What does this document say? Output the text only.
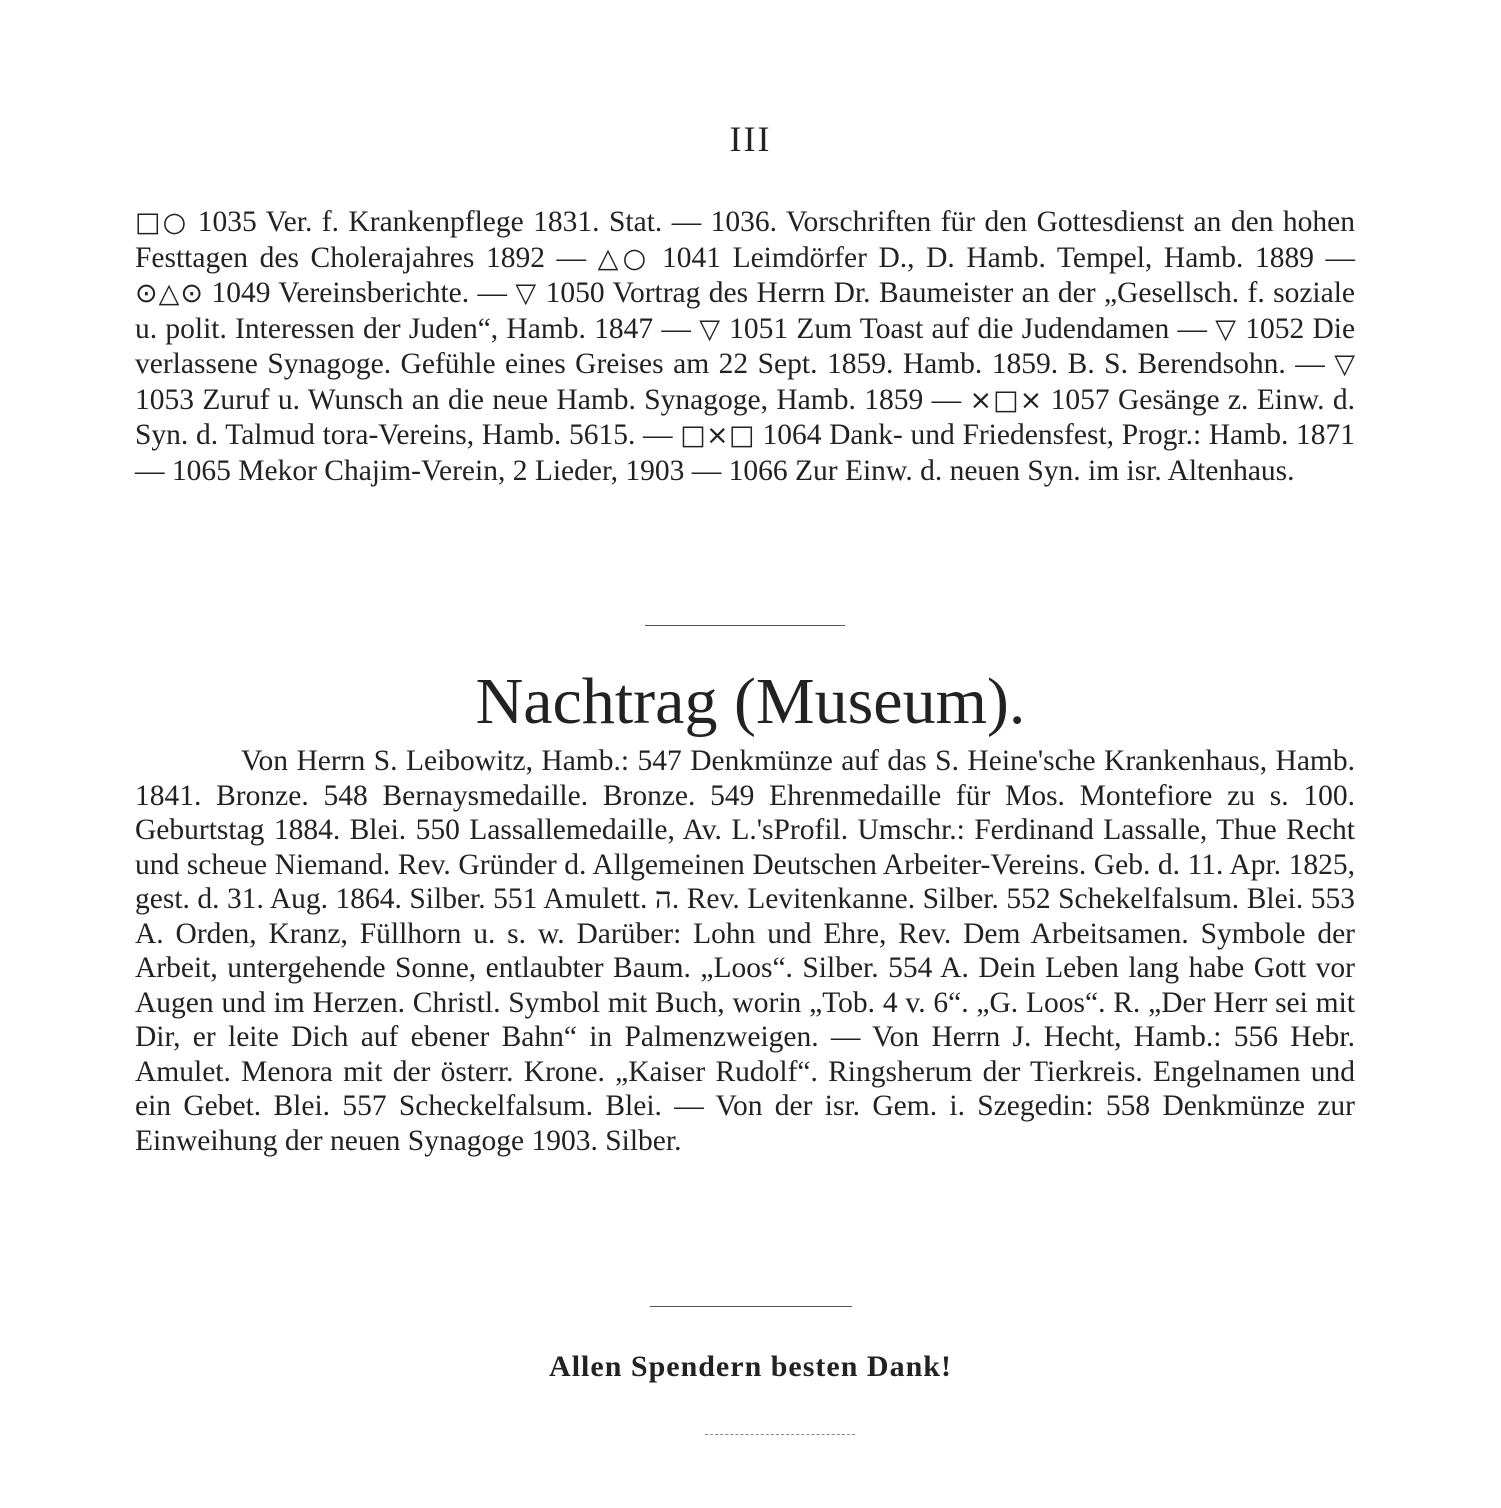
III
□○ 1035 Ver. f. Krankenpflege 1831. Stat. — 1036. Vorschriften für den Gottesdienst an den hohen Festtagen des Cholerajahres 1892 — △○ 1041 Leimdörfer D., D. Hamb. Tempel, Hamb. 1889 — ⊙△⊙ 1049 Vereinsberichte. — ▽ 1050 Vortrag des Herrn Dr. Baumeister an der „Gesellsch. f. soziale u. polit. Interessen der Juden“, Hamb. 1847 — ▽ 1051 Zum Toast auf die Judendamen — ▽ 1052 Die verlassene Synagoge. Gefühle eines Greises am 22 Sept. 1859. Hamb. 1859. B. S. Berendsohn. — ▽ 1053 Zuruf u. Wunsch an die neue Hamb. Synagoge, Hamb. 1859 — ×□× 1057 Gesänge z. Einw. d. Syn. d. Talmud tora-Vereins, Hamb. 5615. — □×□ 1064 Dank- und Friedensfest, Progr.: Hamb. 1871 — 1065 Mekor Chajim-Verein, 2 Lieder, 1903 — 1066 Zur Einw. d. neuen Syn. im isr. Altenhaus.
Nachtrag (Museum).
Von Herrn S. Leibowitz, Hamb.: 547 Denkmünze auf das S. Heine'sche Krankenhaus, Hamb. 1841. Bronze. 548 Bernaysmedaille. Bronze. 549 Ehrenmedaille für Mos. Montefiore zu s. 100. Geburtstag 1884. Blei. 550 Lassallemedaille, Av. L.'sProfil. Umschr.: Ferdinand Lassalle, Thue Recht und scheue Niemand. Rev. Gründer d. Allgemeinen Deutschen Arbeiter-Vereins. Geb. d. 11. Apr. 1825, gest. d. 31. Aug. 1864. Silber. 551 Amulett. ה. Rev. Levitenkanne. Silber. 552 Schekelfalsum. Blei. 553 A. Orden, Kranz, Füllhorn u. s. w. Darüber: Lohn und Ehre, Rev. Dem Arbeitsamen. Symbole der Arbeit, untergehende Sonne, entlaubter Baum. „Loos“. Silber. 554 A. Dein Leben lang habe Gott vor Augen und im Herzen. Christl. Symbol mit Buch, worin „Tob. 4 v. 6“. „G. Loos“. R. „Der Herr sei mit Dir, er leite Dich auf ebener Bahn“ in Palmenzweigen. — Von Herrn J. Hecht, Hamb.: 556 Hebr. Amulet. Menora mit der österr. Krone. „Kaiser Rudolf“. Ringsherum der Tierkreis. Engelnamen und ein Gebet. Blei. 557 Scheckelfalsum. Blei. — Von der isr. Gem. i. Szegedin: 558 Denkmünze zur Einweihung der neuen Synagoge 1903. Silber.
Allen Spendern besten Dank!
